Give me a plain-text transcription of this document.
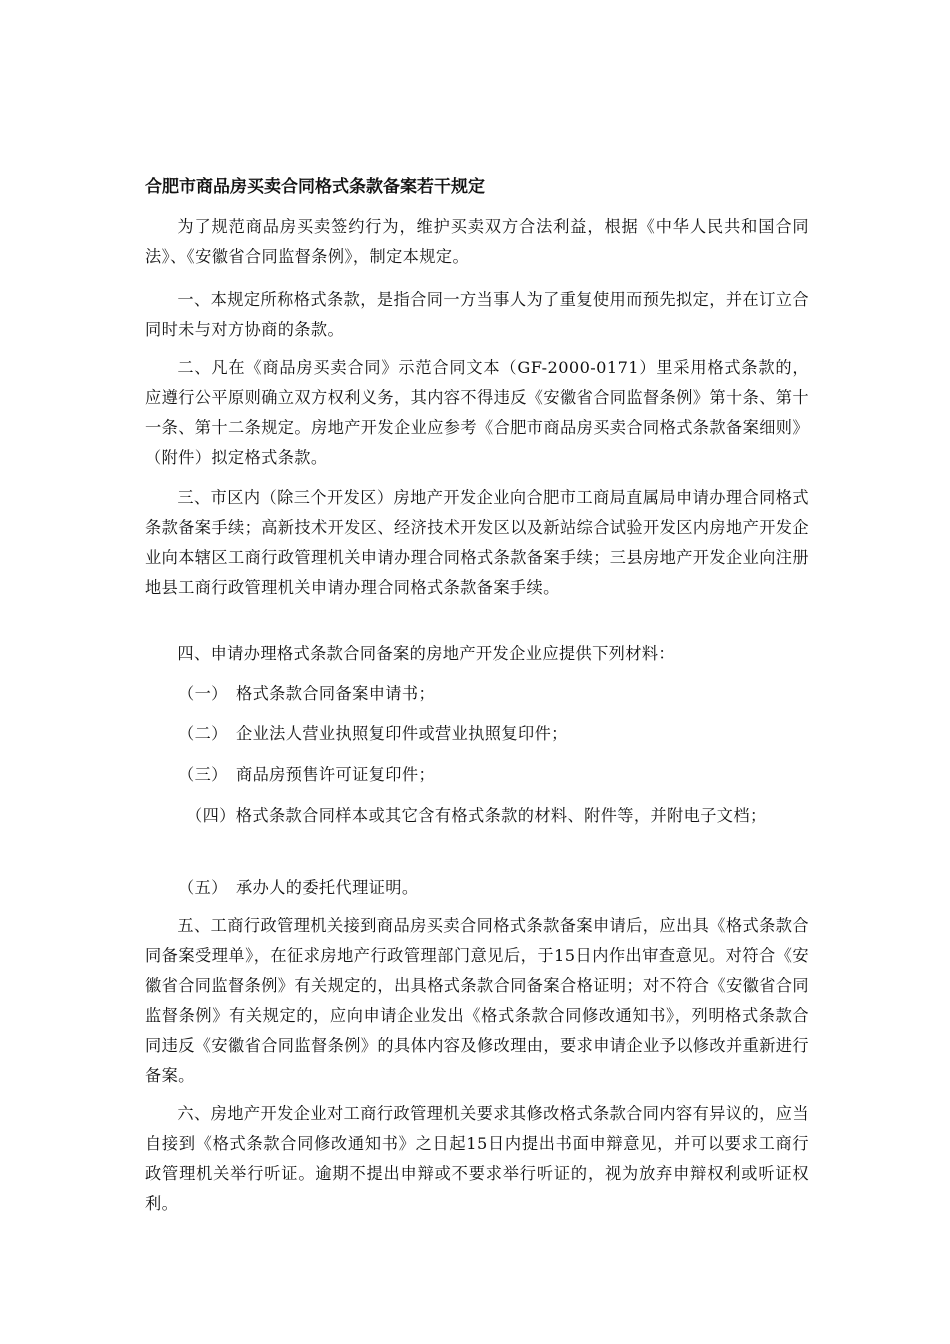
合肥市商品房买卖合同格式条款备案若干规定
为了规范商品房买卖签约行为，维护买卖双方合法利益，根据《中华人民共和国合同法》、《安徽省合同监督条例》，制定本规定。
一、本规定所称格式条款，是指合同一方当事人为了重复使用而预先拟定，并在订立合同时未与对方协商的条款。
二、凡在《商品房买卖合同》示范合同文本（GF-2000-0171）里采用格式条款的，应遵行公平原则确立双方权利义务，其内容不得违反《安徽省合同监督条例》第十条、第十一条、第十二条规定。房地产开发企业应参考《合肥市商品房买卖合同格式条款备案细则》（附件）拟定格式条款。
三、市区内（除三个开发区）房地产开发企业向合肥市工商局直属局申请办理合同格式条款备案手续；高新技术开发区、经济技术开发区以及新站综合试验开发区内房地产开发企业向本辖区工商行政管理机关申请办理合同格式条款备案手续；三县房地产开发企业向注册地县工商行政管理机关申请办理合同格式条款备案手续。
四、申请办理格式条款合同备案的房地产开发企业应提供下列材料：
（一） 格式条款合同备案申请书；
（二） 企业法人营业执照复印件或营业执照复印件；
（三） 商品房预售许可证复印件；
（四）格式条款合同样本或其它含有格式条款的材料、附件等，并附电子文档；
（五） 承办人的委托代理证明。
五、工商行政管理机关接到商品房买卖合同格式条款备案申请后，应出具《格式条款合同备案受理单》，在征求房地产行政管理部门意见后，于15日内作出审查意见。对符合《安徽省合同监督条例》有关规定的，出具格式条款合同备案合格证明；对不符合《安徽省合同监督条例》有关规定的，应向申请企业发出《格式条款合同修改通知书》，列明格式条款合同违反《安徽省合同监督条例》的具体内容及修改理由，要求申请企业予以修改并重新进行备案。
六、房地产开发企业对工商行政管理机关要求其修改格式条款合同内容有异议的，应当自接到《格式条款合同修改通知书》之日起15日内提出书面申辩意见，并可以要求工商行政管理机关举行听证。逾期不提出申辩或不要求举行听证的，视为放弃申辩权利或听证权利。
